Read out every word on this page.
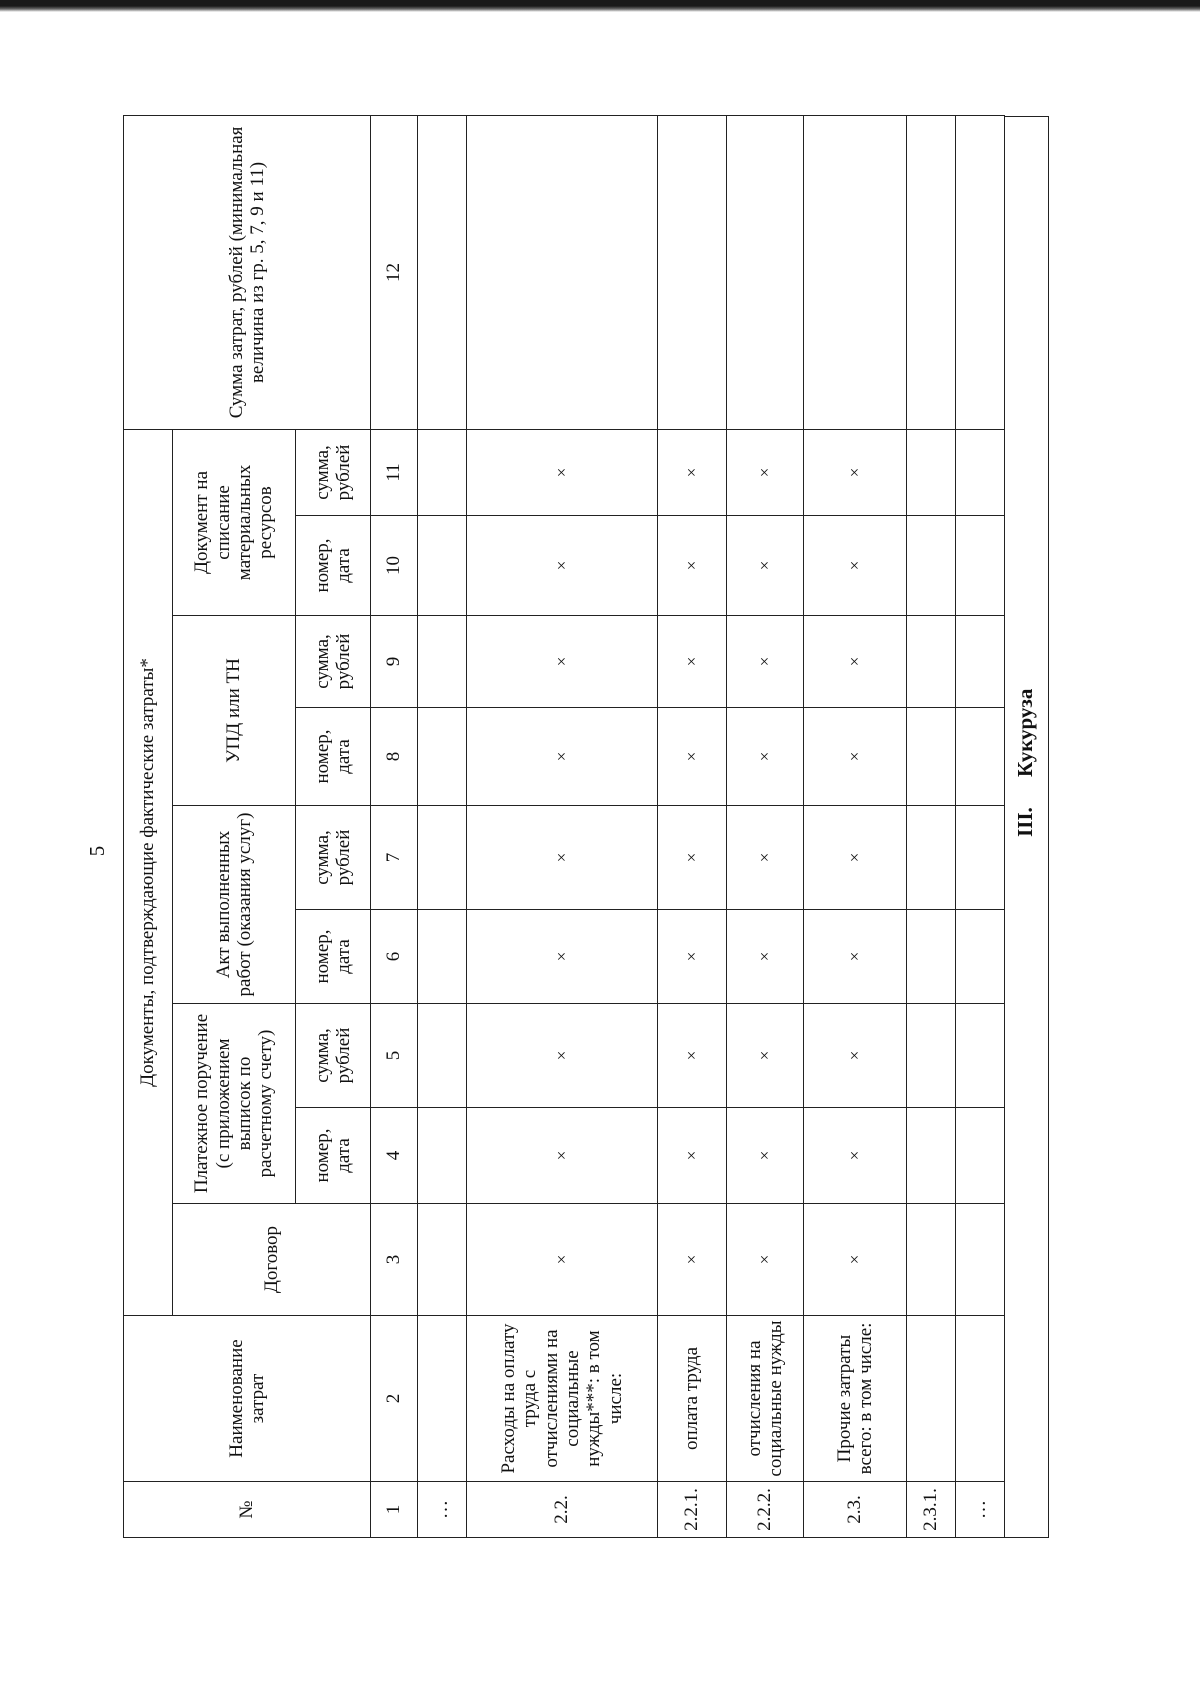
5
№	Наименование затрат	Документы, подтверждающие фактические затраты*									Сумма затрат, рублей (минимальная величина из гр. 5, 7, 9 и 11)
		Договор	Платежное поручение (с приложением выписок по расчетному счету)		Акт выполненных работ (оказания услуг)		УПД или ТН		Документ на списание материальных ресурсов		
			номер, дата	сумма, рублей	номер, дата	сумма, рублей	номер, дата	сумма, рублей	номер, дата	сумма, рублей	
1	2	3	4	5	6	7	8	9	10	11	12
…											
2.2.	Расходы на оплату труда с отчислениями на социальные нужды***: в том числе:	×	×	×	×	×	×	×	×	×	
2.2.1.	оплата труда	×	×	×	×	×	×	×	×	×	
2.2.2.	отчисления на социальные нужды	×	×	×	×	×	×	×	×	×	
2.3.	Прочие затраты всего: в том числе:	×	×	×	×	×	×	×	×	×	
2.3.1.											
…											
III.Кукуруза
